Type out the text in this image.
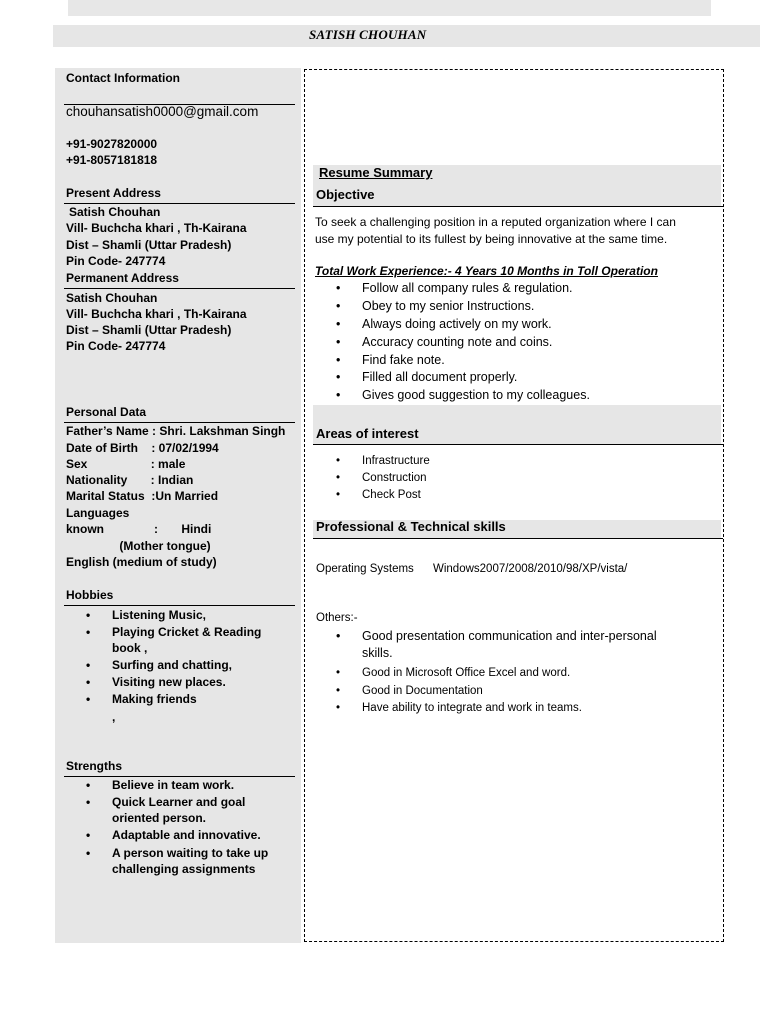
SATISH CHOUHAN
Contact Information
chouhansatish0000@gmail.com
+91-9027820000
+91-8057181818
Present Address
Satish Chouhan
Vill- Buchcha khari , Th-Kairana
Dist – Shamli (Uttar Pradesh)
Pin Code- 247774
Permanent Address
Satish Chouhan
Vill- Buchcha khari , Th-Kairana
Dist – Shamli (Uttar Pradesh)
Pin Code- 247774
Personal Data
Father’s Name : Shri. Lakshman Singh
Date of Birth    : 07/02/1994
Sex                   : male
Nationality       : Indian
Marital Status  :Un Married
Languages
known               :       Hindi
(Mother tongue)
English (medium of study)
Hobbies
• Listening Music,
• Playing Cricket & Reading
book ,
• Surfing and chatting,
• Visiting new places.
• Making friends
,
Strengths
• Believe in team work.
• Quick Learner and goal
oriented person.
• Adaptable and innovative.
• A person waiting to take up
challenging assignments
Resume Summary
Objective
To seek a challenging position in a reputed organization where I can
use my potential to its fullest by being innovative at the same time.
Total Work Experience:- 4 Years 10 Months in Toll Operation
• Follow all company rules & regulation.
• Obey to my senior Instructions.
• Always doing actively on my work.
• Accuracy counting note and coins.
• Find fake note.
• Filled all document properly.
• Gives good suggestion to my colleagues.
Areas of interest
• Infrastructure
• Construction
• Check Post
Professional & Technical skills
Operating Systems Windows2007/2008/2010/98/XP/vista/
Others:-
• Good presentation communication and inter-personal
skills.
• Good in Microsoft Office Excel and word.
• Good in Documentation
• Have ability to integrate and work in teams.
